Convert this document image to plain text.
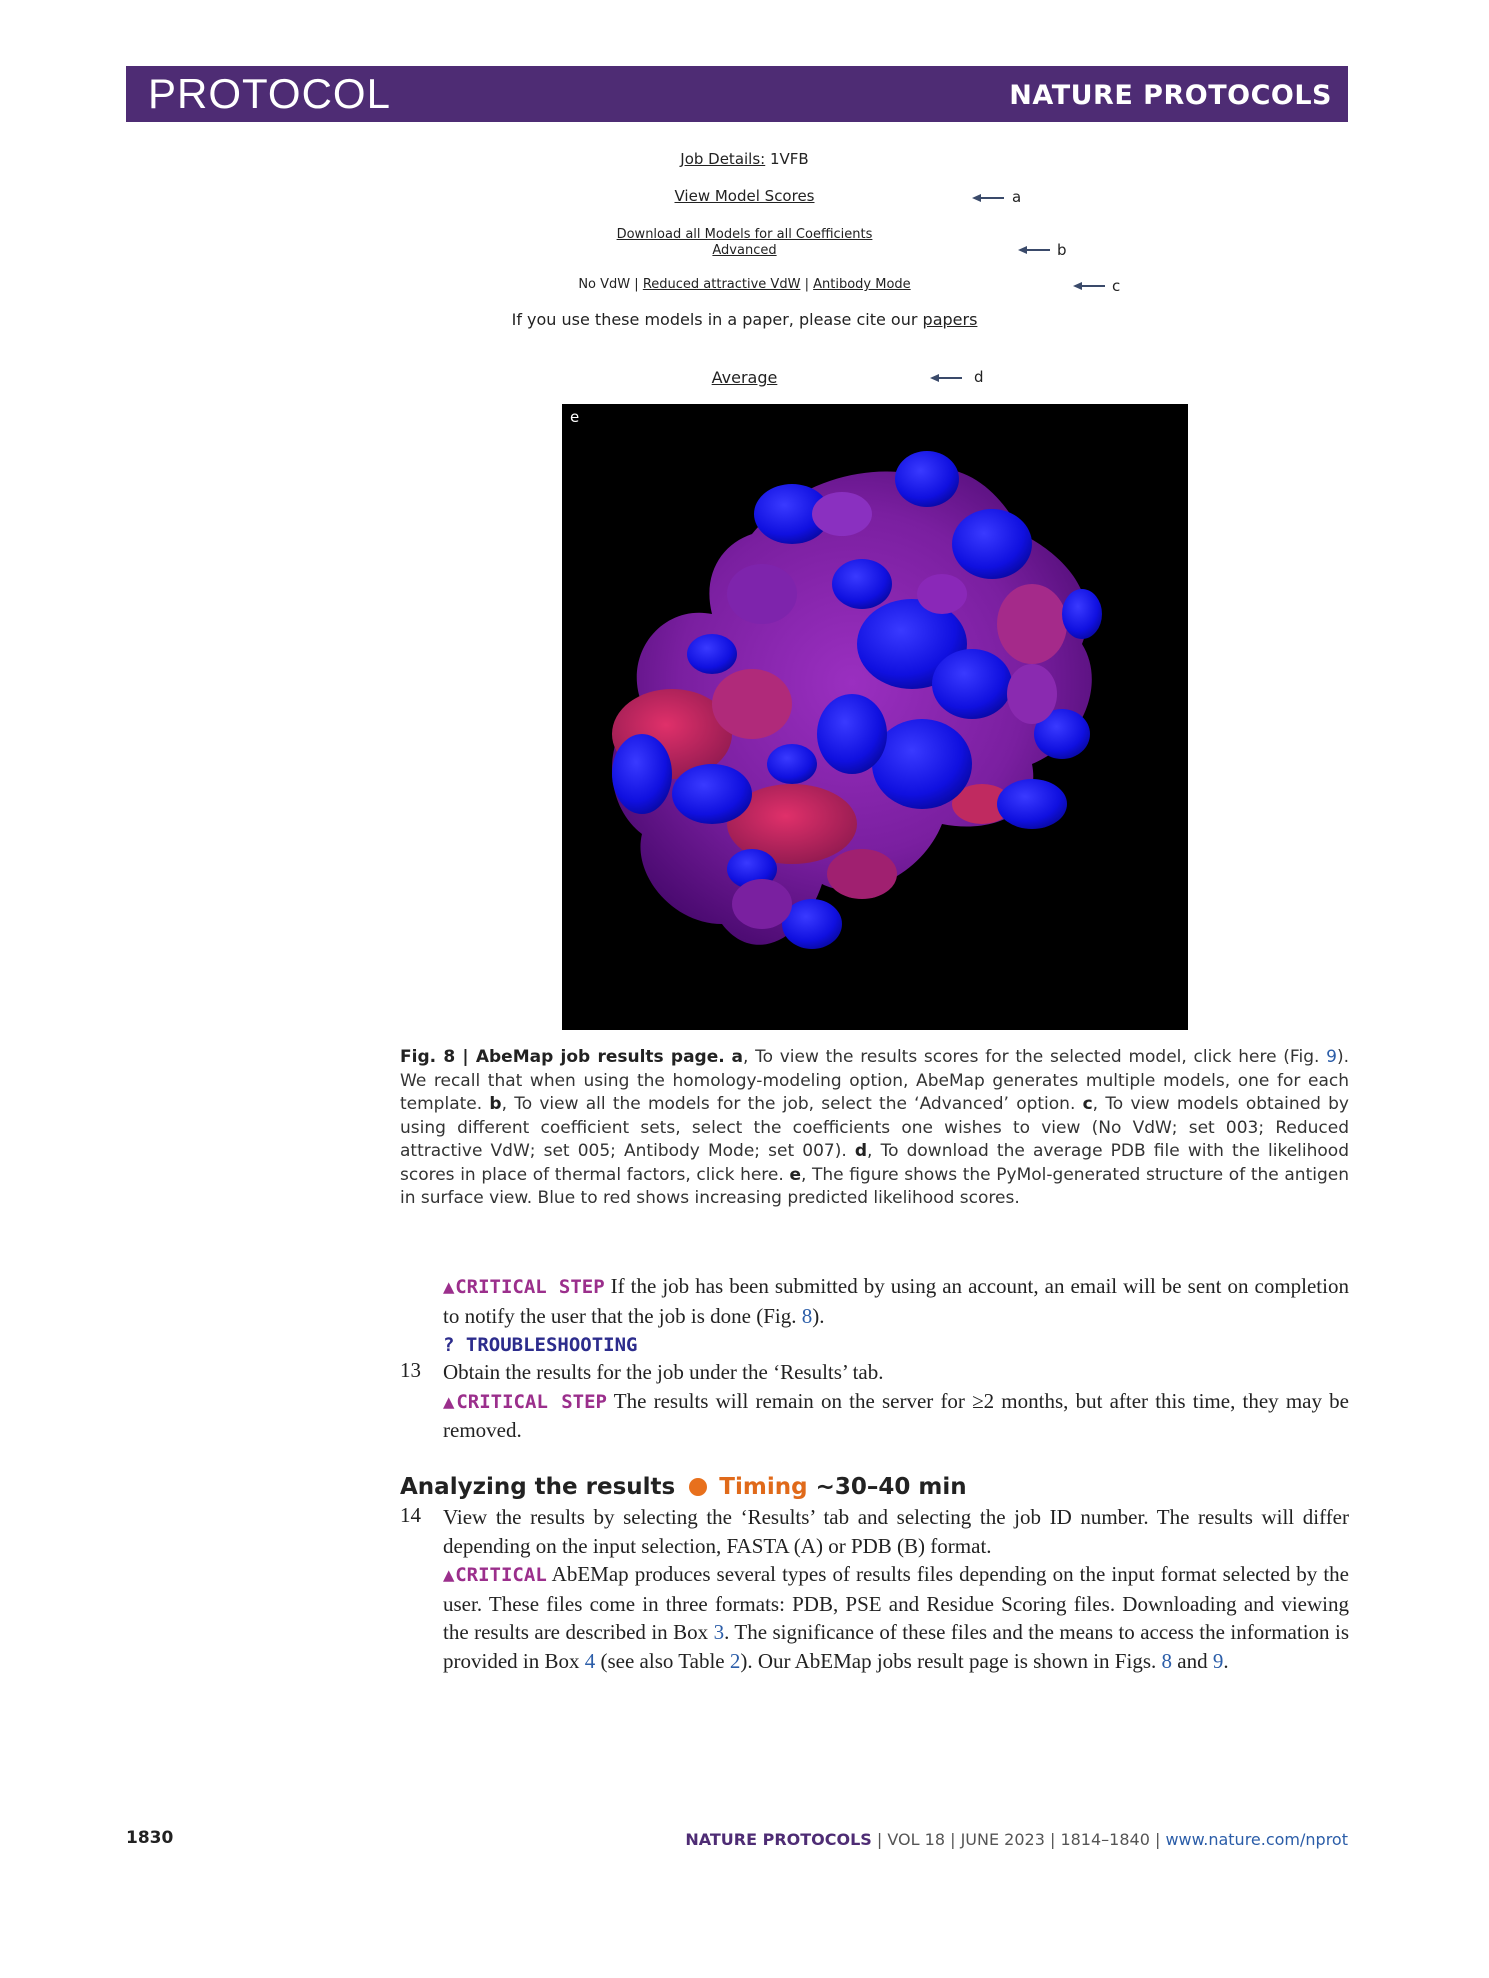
PROTOCOL	NATURE PROTOCOLS
Job Details: 1VFB
View Model Scores	a
Download all Models for all Coefficients
Advanced	b
No VdW | Reduced attractive VdW | Antibody Mode	c
If you use these models in a paper, please cite our papers
Average	d
e
Fig. 8 | AbeMap job results page. a, To view the results scores for the selected model, click here (Fig. 9). We recall that when using the homology-modeling option, AbeMap generates multiple models, one for each template. b, To view all the models for the job, select the ‘Advanced’ option. c, To view models obtained by using different coefficient sets, select the coefficients one wishes to view (No VdW; set 003; Reduced attractive VdW; set 005; Antibody Mode; set 007). d, To download the average PDB file with the likelihood scores in place of thermal factors, click here. e, The figure shows the PyMol-generated structure of the antigen in surface view. Blue to red shows increasing predicted likelihood scores.
▲CRITICAL STEP If the job has been submitted by using an account, an email will be sent on completion to notify the user that the job is done (Fig. 8).
? TROUBLESHOOTING
13 Obtain the results for the job under the ‘Results’ tab.
▲CRITICAL STEP The results will remain on the server for ≥2 months, but after this time, they may be removed.
Analyzing the results Timing ~30–40 min
14 View the results by selecting the ‘Results’ tab and selecting the job ID number. The results will differ depending on the input selection, FASTA (A) or PDB (B) format.
▲CRITICAL AbEMap produces several types of results files depending on the input format selected by the user. These files come in three formats: PDB, PSE and Residue Scoring files. Downloading and viewing the results are described in Box 3. The significance of these files and the means to access the information is provided in Box 4 (see also Table 2). Our AbEMap jobs result page is shown in Figs. 8 and 9.
1830	NATURE PROTOCOLS | VOL 18 | JUNE 2023 | 1814–1840 | www.nature.com/nprot
